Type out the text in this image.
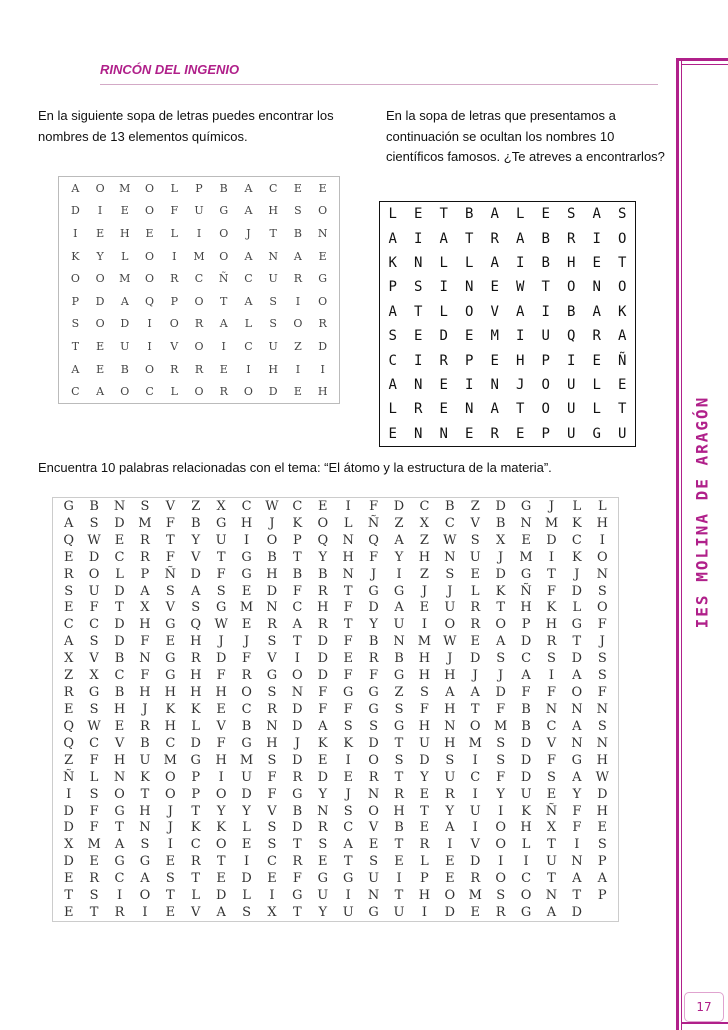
RINCÓN DEL INGENIO
IES MOLINA DE ARAGÓN
En la siguiente sopa de letras puedes encontrar los nombres de 13 elementos químicos.
En la sopa de letras que presentamos a continuación se ocultan los nombres 10 científicos famosos. ¿Te atreves a encontrarlos?
A	O	M	O	L	P	B	A	C	E	E
D	I	E	O	F	U	G	A	H	S	O
I	E	H	E	L	I	O	J	T	B	N
K	Y	L	O	I	M	O	A	N	A	E
O	O	M	O	R	C	Ñ	C	U	R	G
P	D	A	Q	P	O	T	A	S	I	O
S	O	D	I	O	R	A	L	S	O	R
T	E	U	I	V	O	I	C	U	Z	D
A	E	B	O	R	R	E	I	H	I	I
C	A	O	C	L	O	R	O	D	E	H
L	E	T	B	A	L	E	S	A	S
A	I	A	T	R	A	B	R	I	O
K	N	L	L	A	I	B	H	E	T
P	S	I	N	E	W	T	O	N	O
A	T	L	O	V	A	I	B	A	K
S	E	D	E	M	I	U	Q	R	A
C	I	R	P	E	H	P	I	E	Ñ
A	N	E	I	N	J	O	U	L	E
L	R	E	N	A	T	O	U	L	T
E	N	N	E	R	E	P	U	G	U
Encuentra 10 palabras relacionadas con el tema: “El átomo y la estructura de la materia”.
G	B	N	S	V	Z	X	C	W	C	E	I	F	D	C	B	Z	D	G	J	L	L
A	S	D	M	F	B	G	H	J	K	O	L	Ñ	Z	X	C	V	B	N	M	K	H
Q	W	E	R	T	Y	U	I	O	P	Q	N	Q	A	Z	W	S	X	E	D	C	I
E	D	C	R	F	V	T	G	B	T	Y	H	F	Y	H	N	U	J	M	I	K	O
R	O	L	P	Ñ	D	F	G	H	B	B	N	J	I	Z	S	E	D	G	T	J	N
S	U	D	A	S	A	S	E	D	F	R	T	G	G	J	J	L	K	Ñ	F	D	S
E	F	T	X	V	S	G	M	N	C	H	F	D	A	E	U	R	T	H	K	L	O
C	C	D	H	G	Q	W	E	R	A	R	T	Y	U	I	O	R	O	P	H	G	F
A	S	D	F	E	H	J	J	S	T	D	F	B	N	M W	E	A	D	R	T	J
X	V	B	N	G	R	D	F	V	I	D	E	R	B	H	J	D	S	C	S	D	S
Z	X	C	F	G	H	F	R	G	O	D	F	F	G	H	H	J	J	A	I	A	S
R	G	B	H	H	H	H	O	S	N	F	G	G	Z	S	A	A	D	F	F	O	F
E	S	H	J	K	K	E	C	R	D	F	F	G	S	F	H	T	F	B	N	N	N
Q	W	E	R	H	L	V	B	N	D	A	S	S	G	H	N	O	M	B	C	A	S
Q	C	V	B	C	D	F	G	H	J	K	K	D	T	U	H	M	S	D	V	N	N
Z	F	H	U	M	G	H	M	S	D	E	I	O	S	D	S	I	S	D	F	G	H
Ñ	L	N	K	O	P	I	U	F	R	D	E	R	T	Y	U	C	F	D	S	A	W
I	S	O	T	O	P	O	D	F	G	Y	J	N	R	E	R	I	Y	U	E	Y	D
D	F	G	H	J	T	Y	Y	V	B	N	S	O	H	T	Y	U	I	K	Ñ	F	H
D	F	T	N	J	K	K	L	S	D	R	C	V	B	E	A	I	O	H	X	F	E
X	M	A	S	I	C	O	E	S	T	S	A	E	T	R	I	V	O	L	T	I	S
D	E	G	G	E	R	T	I	C	R	E	T	S	E	L	E	D	I	I	U	N	P
E	R	C	A	S	T	E	D	E	F	G	G	U	I	P	E	R	O	C	T	A	A
T	S	I	O	T	L	D	L	I	G	U	I	N	T	H	O	M	S	O	N	T	P
E	T	R	I	E	V	A	S	X	T	Y	U	G	U	I	D	E	R	G	A	D
17
